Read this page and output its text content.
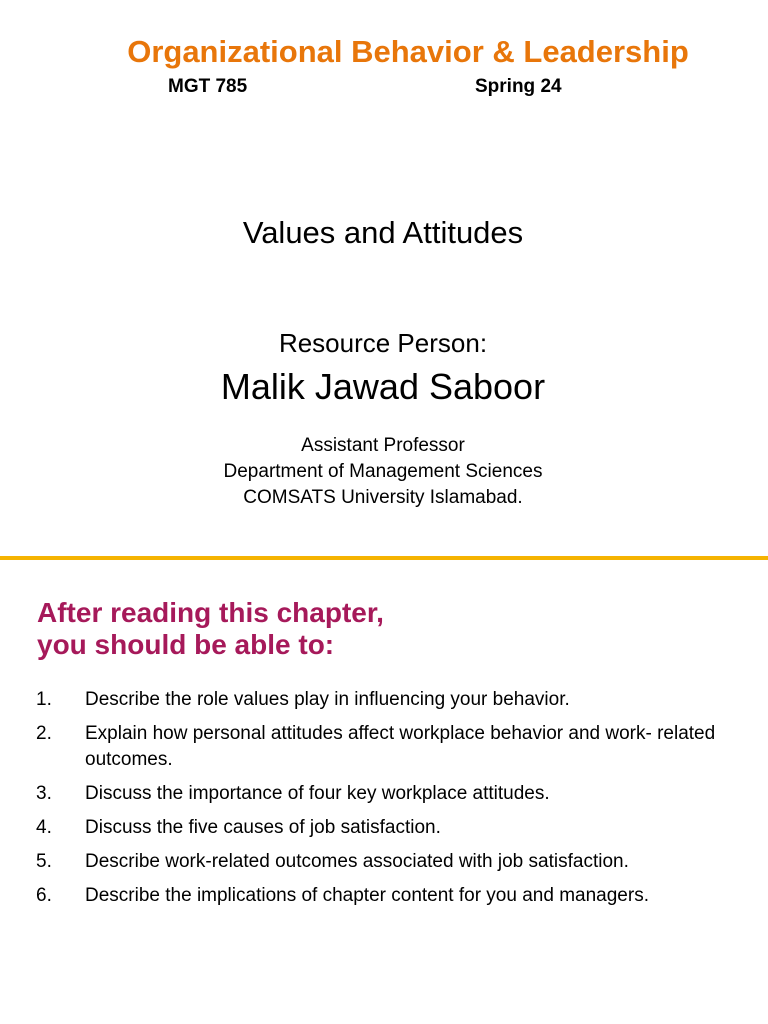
Organizational Behavior & Leadership
MGT 785	Spring 24
Values and Attitudes
Resource Person:
Malik Jawad Saboor
Assistant Professor
Department of Management Sciences
COMSATS University Islamabad.
After reading this chapter,
you should be able to:
1. Describe the role values play in influencing your behavior.
2. Explain how personal attitudes affect workplace behavior and work- related outcomes.
3. Discuss the importance of four key workplace attitudes.
4. Discuss the five causes of job satisfaction.
5. Describe work-related outcomes associated with job satisfaction.
6. Describe the implications of chapter content for you and managers.
